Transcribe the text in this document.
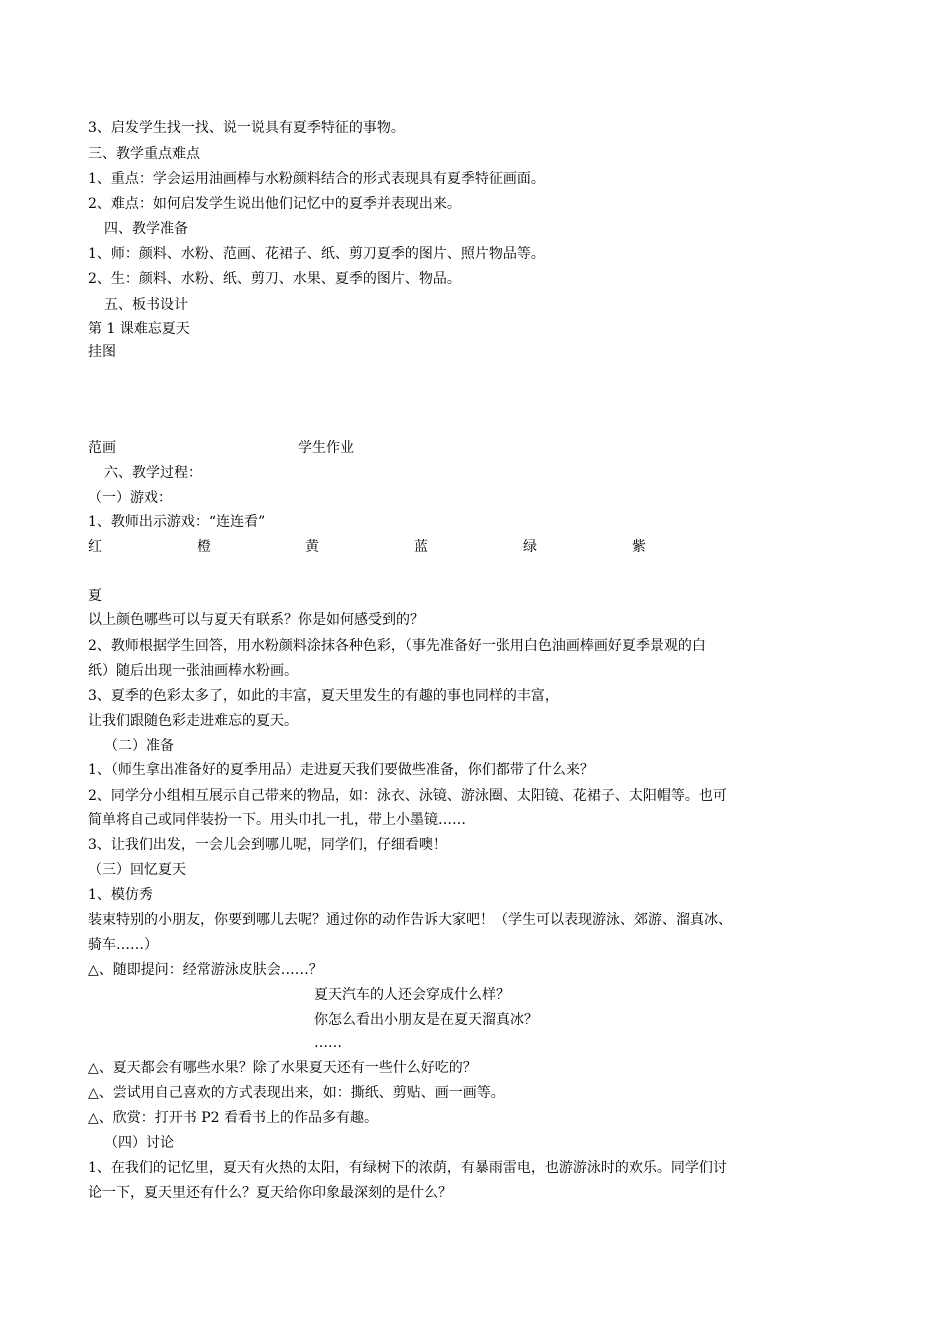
3、启发学生找一找、说一说具有夏季特征的事物。
三、教学重点难点
1、重点：学会运用油画棒与水粉颜料结合的形式表现具有夏季特征画面。
2、难点：如何启发学生说出他们记忆中的夏季并表现出来。
四、教学准备
1、师：颜料、水粉、范画、花裙子、纸、剪刀夏季的图片、照片物品等。
2、生：颜料、水粉、纸、剪刀、水果、夏季的图片、物品。
五、板书设计
第 1 课难忘夏天
挂图
范画	学生作业
六、教学过程：
（一）游戏：
1、教师出示游戏：“连连看”
红	橙	黄	蓝	绿	紫
夏
以上颜色哪些可以与夏天有联系？你是如何感受到的？
2、教师根据学生回答，用水粉颜料涂抹各种色彩，（事先准备好一张用白色油画棒画好夏季景观的白
纸）随后出现一张油画棒水粉画。
3、夏季的色彩太多了，如此的丰富，夏天里发生的有趣的事也同样的丰富，
让我们跟随色彩走进难忘的夏天。
（二）准备
1、（师生拿出准备好的夏季用品）走进夏天我们要做些准备，你们都带了什么来？
2、同学分小组相互展示自己带来的物品，如：泳衣、泳镜、游泳圈、太阳镜、花裙子、太阳帽等。也可
简单将自己或同伴装扮一下。用头巾扎一扎，带上小墨镜……
3、让我们出发，一会儿会到哪儿呢，同学们，仔细看噢！
（三）回忆夏天
1、模仿秀
装束特别的小朋友，你要到哪儿去呢？通过你的动作告诉大家吧！（学生可以表现游泳、郊游、溜真冰、
骑车……）
△、随即提问：经常游泳皮肤会……？
夏天汽车的人还会穿成什么样？
你怎么看出小朋友是在夏天溜真冰？
……
△、夏天都会有哪些水果？除了水果夏天还有一些什么好吃的？
△、尝试用自己喜欢的方式表现出来，如：撕纸、剪贴、画一画等。
△、欣赏：打开书 P2 看看书上的作品多有趣。
（四）讨论
1、在我们的记忆里，夏天有火热的太阳，有绿树下的浓荫，有暴雨雷电，也游游泳时的欢乐。同学们讨
论一下，夏天里还有什么？夏天给你印象最深刻的是什么？
